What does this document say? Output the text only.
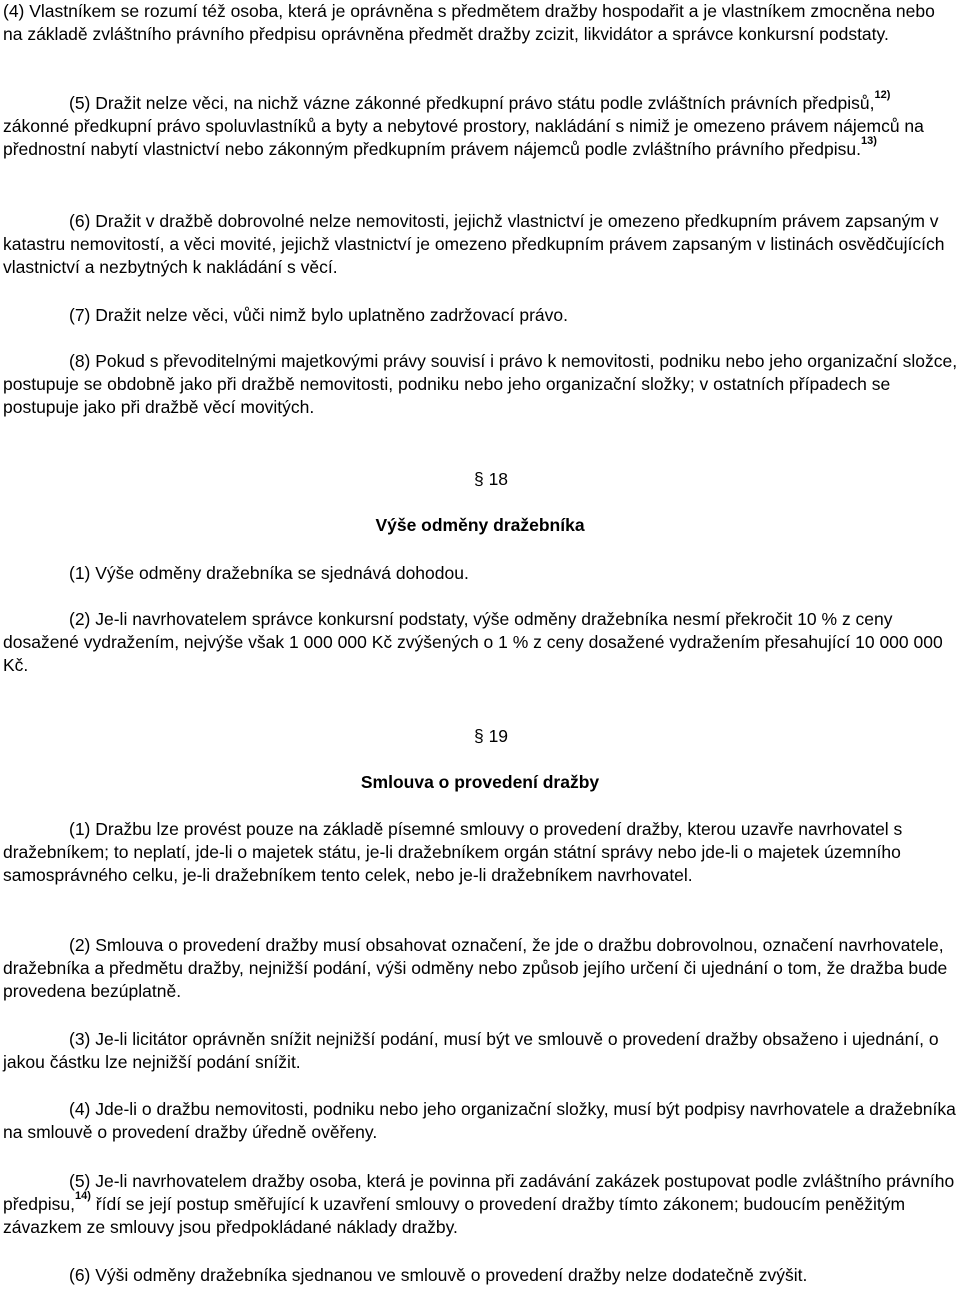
(4) Vlastníkem se rozumí též osoba, která je oprávněna s předmětem dražby hospodařit a je vlastníkem zmocněna nebo na základě zvláštního právního předpisu oprávněna předmět dražby zcizit, likvidátor a správce konkursní podstaty.

(5) Dražit nelze věci, na nichž vázne zákonné předkupní právo státu podle zvláštních právních předpisů,$^{12)}$ zákonné předkupní právo spoluvlastníků a byty a nebytové prostory, nakládání s nimiž je omezeno právem nájemců na přednostní nabytí vlastnictví nebo zákonným předkupním právem nájemců podle zvláštního právního předpisu.$^{13)}$

(6) Dražit v dražbě dobrovolné nelze nemovitosti, jejichž vlastnictví je omezeno předkupním právem zapsaným v katastru nemovitostí, a věci movité, jejichž vlastnictví je omezeno předkupním právem zapsaným v listinách osvědčujících vlastnictví a nezbytných k nakládání s věcí.

(7) Dražit nelze věci, vůči nimž bylo uplatněno zadržovací právo.

(8) Pokud s převoditelnými majetkovými právy souvisí i právo k nemovitosti, podniku nebo jeho organizační složce, postupuje se obdobně jako při dražbě nemovitosti, podniku nebo jeho organizační složky; v ostatních případech se postupuje jako při dražbě věcí movitých.

§ 18
Výše odměny dražebníka

(1) Výše odměny dražebníka se sjednává dohodou.

(2) Je-li navrhovatelem správce konkursní podstaty, výše odměny dražebníka nesmí překročit 10 % z ceny dosažené vydražením, nejvýše však 1 000 000 Kč zvýšených o 1 % z ceny dosažené vydražením přesahující 10 000 000 Kč.

§ 19
Smlouva o provedení dražby

(1) Dražbu lze provést pouze na základě písemné smlouvy o provedení dražby, kterou uzavře navrhovatel s dražebníkem; to neplatí, jde-li o majetek státu, je-li dražebníkem orgán státní správy nebo jde-li o majetek územního samosprávného celku, je-li dražebníkem tento celek, nebo je-li dražebníkem navrhovatel.

(2) Smlouva o provedení dražby musí obsahovat označení, že jde o dražbu dobrovolnou, označení navrhovatele, dražebníka a předmětu dražby, nejnižší podání, výši odměny nebo způsob jejího určení či ujednání o tom, že dražba bude provedena bezúplatně.

(3) Je-li licitátor oprávněn snížit nejnižší podání, musí být ve smlouvě o provedení dražby obsaženo i ujednání, o jakou částku lze nejnižší podání snížit.

(4) Jde-li o dražbu nemovitosti, podniku nebo jeho organizační složky, musí být podpisy navrhovatele a dražebníka na smlouvě o provedení dražby úředně ověřeny.

(5) Je-li navrhovatelem dražby osoba, která je povinna při zadávání zakázek postupovat podle zvláštního právního předpisu,$^{14)}$ řídí se její postup směřující k uzavření smlouvy o provedení dražby tímto zákonem; budoucím peněžitým závazkem ze smlouvy jsou předpokládané náklady dražby.

(6) Výši odměny dražebníka sjednanou ve smlouvě o provedení dražby nelze dodatečně zvýšit.
